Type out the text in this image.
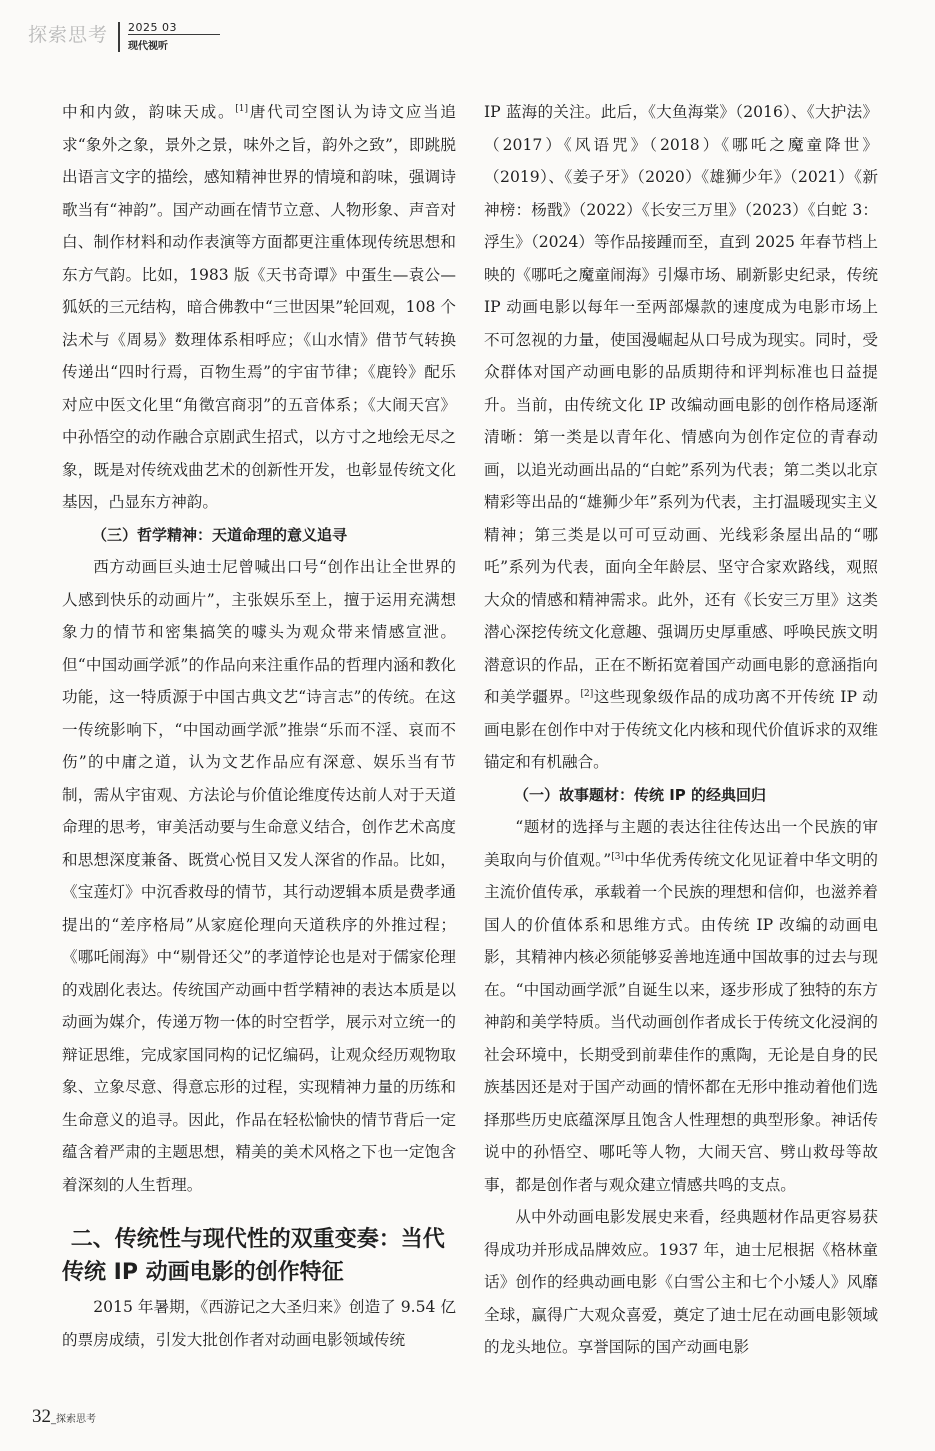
探索思考 2025 03
现代视听

中和内敛，韵味天成。[1]唐代司空图认为诗文应当追求“象外之象，景外之景，味外之旨，韵外之致”，即跳脱出语言文字的描绘，感知精神世界的情境和韵味，强调诗歌当有“神韵”。国产动画在情节立意、人物形象、声音对白、制作材料和动作表演等方面都更注重体现传统思想和东方气韵。比如，1983 版《天书奇谭》中蛋生—袁公—狐妖的三元结构，暗合佛教中“三世因果”轮回观，108 个法术与《周易》数理体系相呼应；《山水情》借节气转换传递出“四时行焉，百物生焉”的宇宙节律；《鹿铃》配乐对应中医文化里“角徵宫商羽”的五音体系；《大闹天宫》中孙悟空的动作融合京剧武生招式，以方寸之地绘无尽之象，既是对传统戏曲艺术的创新性开发，也彰显传统文化基因，凸显东方神韵。

（三）哲学精神：天道命理的意义追寻

西方动画巨头迪士尼曾喊出口号“创作出让全世界的人感到快乐的动画片”，主张娱乐至上，擅于运用充满想象力的情节和密集搞笑的噱头为观众带来情感宣泄。但“中国动画学派”的作品向来注重作品的哲理内涵和教化功能，这一特质源于中国古典文艺“诗言志”的传统。在这一传统影响下，“中国动画学派”推崇“乐而不淫、哀而不伤”的中庸之道，认为文艺作品应有深意、娱乐当有节制，需从宇宙观、方法论与价值论维度传达前人对于天道命理的思考，审美活动要与生命意义结合，创作艺术高度和思想深度兼备、既赏心悦目又发人深省的作品。比如，《宝莲灯》中沉香救母的情节，其行动逻辑本质是费孝通提出的“差序格局”从家庭伦理向天道秩序的外推过程；《哪吒闹海》中“剔骨还父”的孝道悖论也是对于儒家伦理的戏剧化表达。传统国产动画中哲学精神的表达本质是以动画为媒介，传递万物一体的时空哲学，展示对立统一的辩证思维，完成家国同构的记忆编码，让观众经历观物取象、立象尽意、得意忘形的过程，实现精神力量的历练和生命意义的追寻。因此，作品在轻松愉快的情节背后一定蕴含着严肃的主题思想，精美的美术风格之下也一定饱含着深刻的人生哲理。

二、传统性与现代性的双重变奏：当代传统 IP 动画电影的创作特征

2015 年暑期，《西游记之大圣归来》创造了 9.54 亿的票房成绩，引发大批创作者对动画电影领域传统

IP 蓝海的关注。此后，《大鱼海棠》（2016）、《大护法》（2017）《风语咒》（2018）《哪吒之魔童降世》（2019）、《姜子牙》（2020）《雄狮少年》（2021）《新神榜：杨戬》（2022）《长安三万里》（2023）《白蛇 3：浮生》（2024）等作品接踵而至，直到 2025 年春节档上映的《哪吒之魔童闹海》引爆市场、刷新影史纪录，传统 IP 动画电影以每年一至两部爆款的速度成为电影市场上不可忽视的力量，使国漫崛起从口号成为现实。同时，受众群体对国产动画电影的品质期待和评判标准也日益提升。当前，由传统文化 IP 改编动画电影的创作格局逐渐清晰：第一类是以青年化、情感向为创作定位的青春动画，以追光动画出品的“白蛇”系列为代表；第二类以北京精彩等出品的“雄狮少年”系列为代表，主打温暖现实主义精神；第三类是以可可豆动画、光线彩条屋出品的“哪吒”系列为代表，面向全年龄层、坚守合家欢路线，观照大众的情感和精神需求。此外，还有《长安三万里》这类潜心深挖传统文化意趣、强调历史厚重感、呼唤民族文明潜意识的作品，正在不断拓宽着国产动画电影的意涵指向和美学疆界。[2]这些现象级作品的成功离不开传统 IP 动画电影在创作中对于传统文化内核和现代价值诉求的双维锚定和有机融合。

（一）故事题材：传统 IP 的经典回归

“题材的选择与主题的表达往往传达出一个民族的审美取向与价值观。”[3]中华优秀传统文化见证着中华文明的主流价值传承，承载着一个民族的理想和信仰，也滋养着国人的价值体系和思维方式。由传统 IP 改编的动画电影，其精神内核必须能够妥善地连通中国故事的过去与现在。“中国动画学派”自诞生以来，逐步形成了独特的东方神韵和美学特质。当代动画创作者成长于传统文化浸润的社会环境中，长期受到前辈佳作的熏陶，无论是自身的民族基因还是对于国产动画的情怀都在无形中推动着他们选择那些历史底蕴深厚且饱含人性理想的典型形象。神话传说中的孙悟空、哪吒等人物，大闹天宫、劈山救母等故事，都是创作者与观众建立情感共鸣的支点。

从中外动画电影发展史来看，经典题材作品更容易获得成功并形成品牌效应。1937 年，迪士尼根据《格林童话》创作的经典动画电影《白雪公主和七个小矮人》风靡全球，赢得广大观众喜爱，奠定了迪士尼在动画电影领域的龙头地位。享誉国际的国产动画电影

32_探索思考
